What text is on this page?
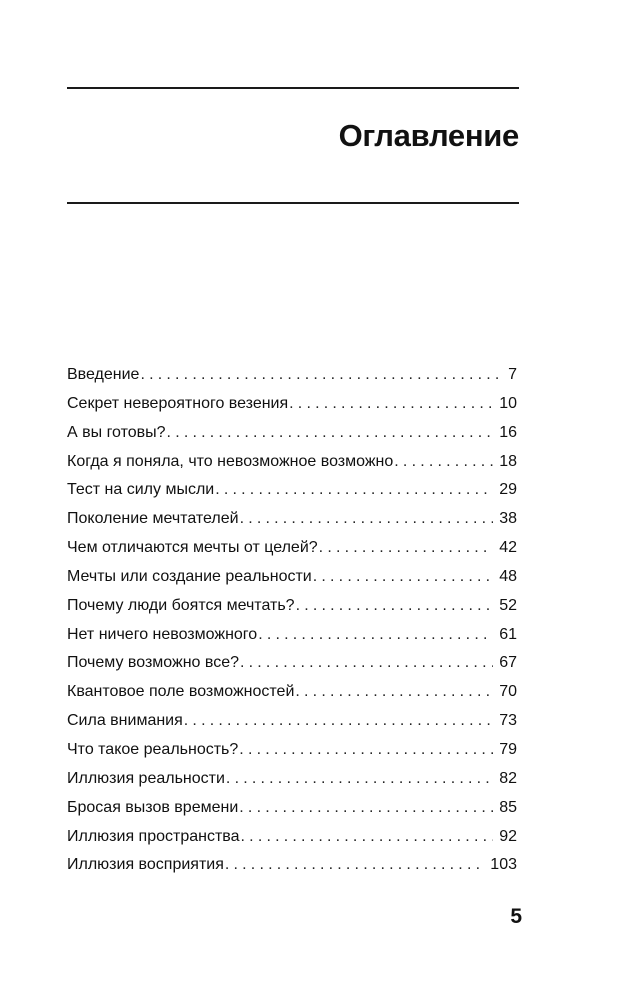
Оглавление
Введение .....	7
Секрет невероятного везения .....	10
А вы готовы? .....	16
Когда я поняла, что невозможное возможно .....	18
Тест на силу мысли .....	29
Поколение мечтателей .....	38
Чем отличаются мечты от целей? .....	42
Мечты или создание реальности .....	48
Почему люди боятся мечтать? .....	52
Нет ничего невозможного .....	61
Почему возможно все? .....	67
Квантовое поле возможностей .....	70
Сила внимания .....	73
Что такое реальность? .....	79
Иллюзия реальности .....	82
Бросая вызов времени .....	85
Иллюзия пространства .....	92
Иллюзия восприятия .....	103

5
